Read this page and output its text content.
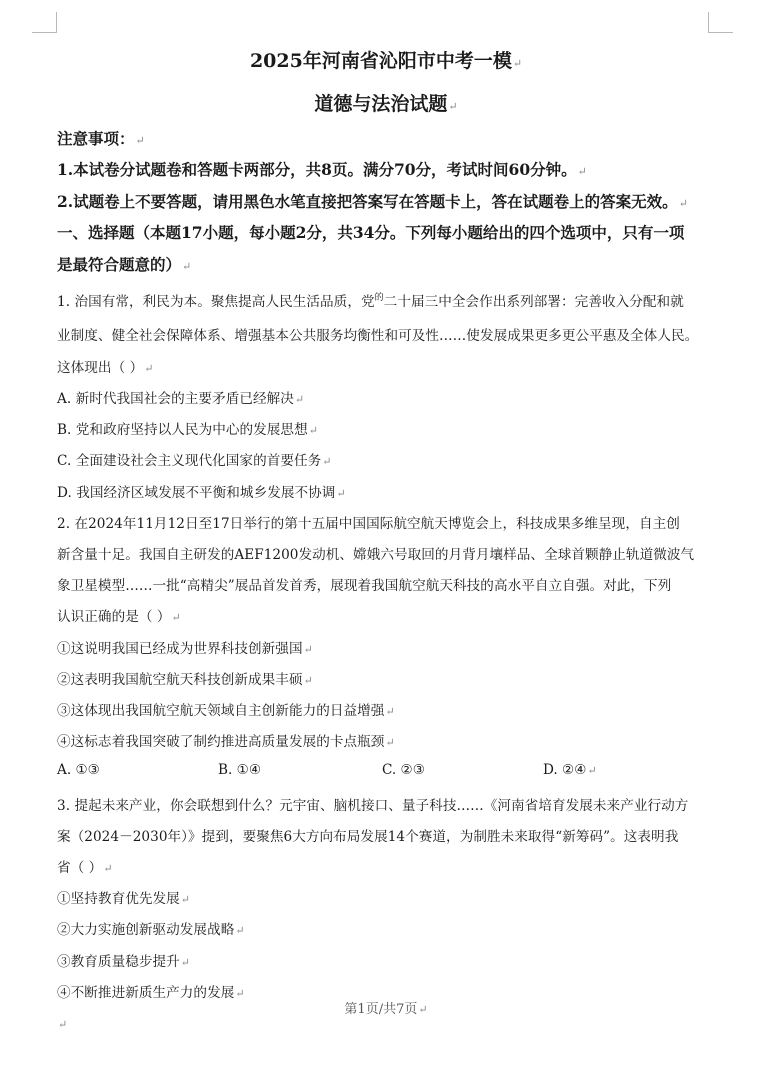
2025年河南省沁阳市中考一模↵
道德与法治试题↵
注意事项：↵
1.本试卷分试题卷和答题卡两部分，共8页。满分70分，考试时间60分钟。↵
2.试题卷上不要答题，请用黑色水笔直接把答案写在答题卡上，答在试题卷上的答案无效。↵
一、选择题（本题17小题，每小题2分，共34分。下列每小题给出的四个选项中，只有一项
是最符合题意的）↵
1. 治国有常，利民为本。聚焦提高人民生活品质，党$^的$二十届三中全会作出系列部署：完善收入分配和就
业制度、健全社会保障体系、增强基本公共服务均衡性和可及性……使发展成果更多更公平惠及全体人民。
这体现出（ ）↵
A. 新时代我国社会的主要矛盾已经解决↵
B. 党和政府坚持以人民为中心的发展思想↵
C. 全面建设社会主义现代化国家的首要任务↵
D. 我国经济区域发展不平衡和城乡发展不协调↵
2. 在2024年11月12日至17日举行的第十五届中国国际航空航天博览会上，科技成果多维呈现，自主创
新含量十足。我国自主研发的AEF1200发动机、嫦娥六号取回的月背月壤样品、全球首颗静止轨道微波气
象卫星模型……一批“高精尖”展品首发首秀，展现着我国航空航天科技的高水平自立自强。对此，下列
认识正确的是（ ）↵
①这说明我国已经成为世界科技创新强国↵
②这表明我国航空航天科技创新成果丰硕↵
③这体现出我国航空航天领域自主创新能力的日益增强↵
④这标志着我国突破了制约推进高质量发展的卡点瓶颈↵
A. ①③	B. ①④	C. ②③	D. ②④↵
3. 提起未来产业，你会联想到什么？元宇宙、脑机接口、量子科技……《河南省培育发展未来产业行动方
案（2024－2030年）》提到，要聚焦6大方向布局发展14个赛道，为制胜未来取得“新筹码”。这表明我
省（ ）↵
①坚持教育优先发展↵
②大力实施创新驱动发展战略↵
③教育质量稳步提升↵
④不断推进新质生产力的发展↵
第1页/共7页↵
↵
